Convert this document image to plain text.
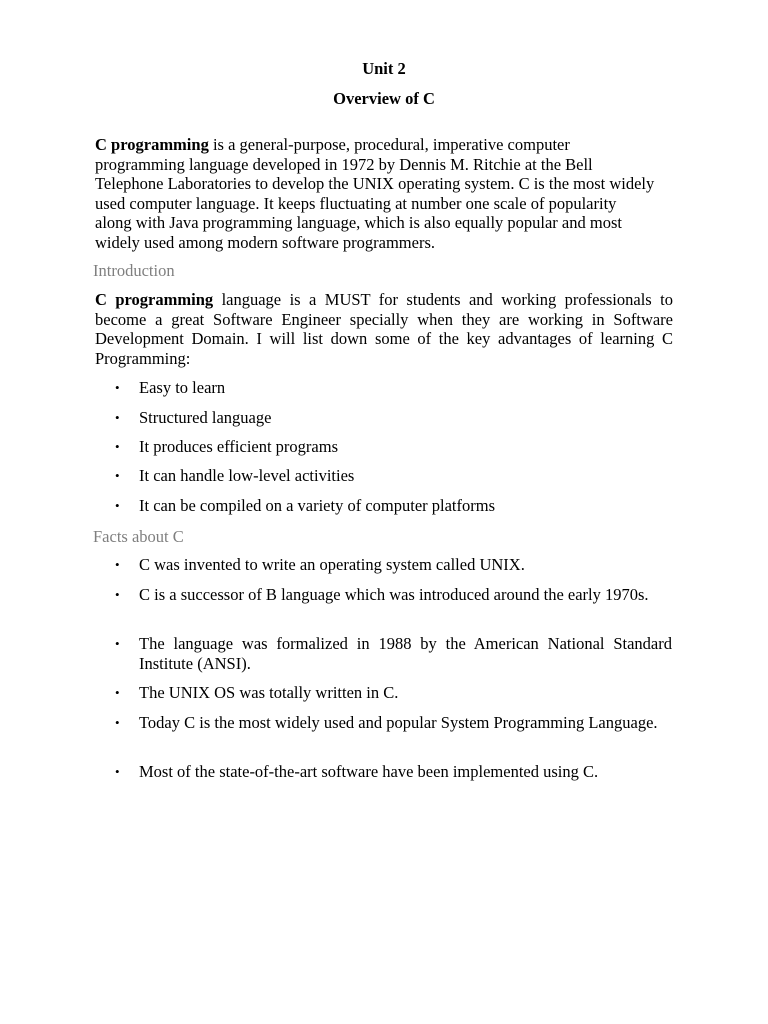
Unit 2
Overview of C
C programming is a general-purpose, procedural, imperative computer programming language developed in 1972 by Dennis M. Ritchie at the Bell Telephone Laboratories to develop the UNIX operating system. C is the most widely used computer language. It keeps fluctuating at number one scale of popularity along with Java programming language, which is also equally popular and most widely used among modern software programmers.
Introduction
C programming language is a MUST for students and working professionals to become a great Software Engineer specially when they are working in Software Development Domain. I will list down some of the key advantages of learning C Programming:
• Easy to learn
• Structured language
• It produces efficient programs
• It can handle low-level activities
• It can be compiled on a variety of computer platforms
Facts about C
• C was invented to write an operating system called UNIX.
• C is a successor of B language which was introduced around the early 1970s.
• The language was formalized in 1988 by the American National Standard Institute (ANSI).
• The UNIX OS was totally written in C.
• Today C is the most widely used and popular System Programming Language.
• Most of the state-of-the-art software have been implemented using C.
